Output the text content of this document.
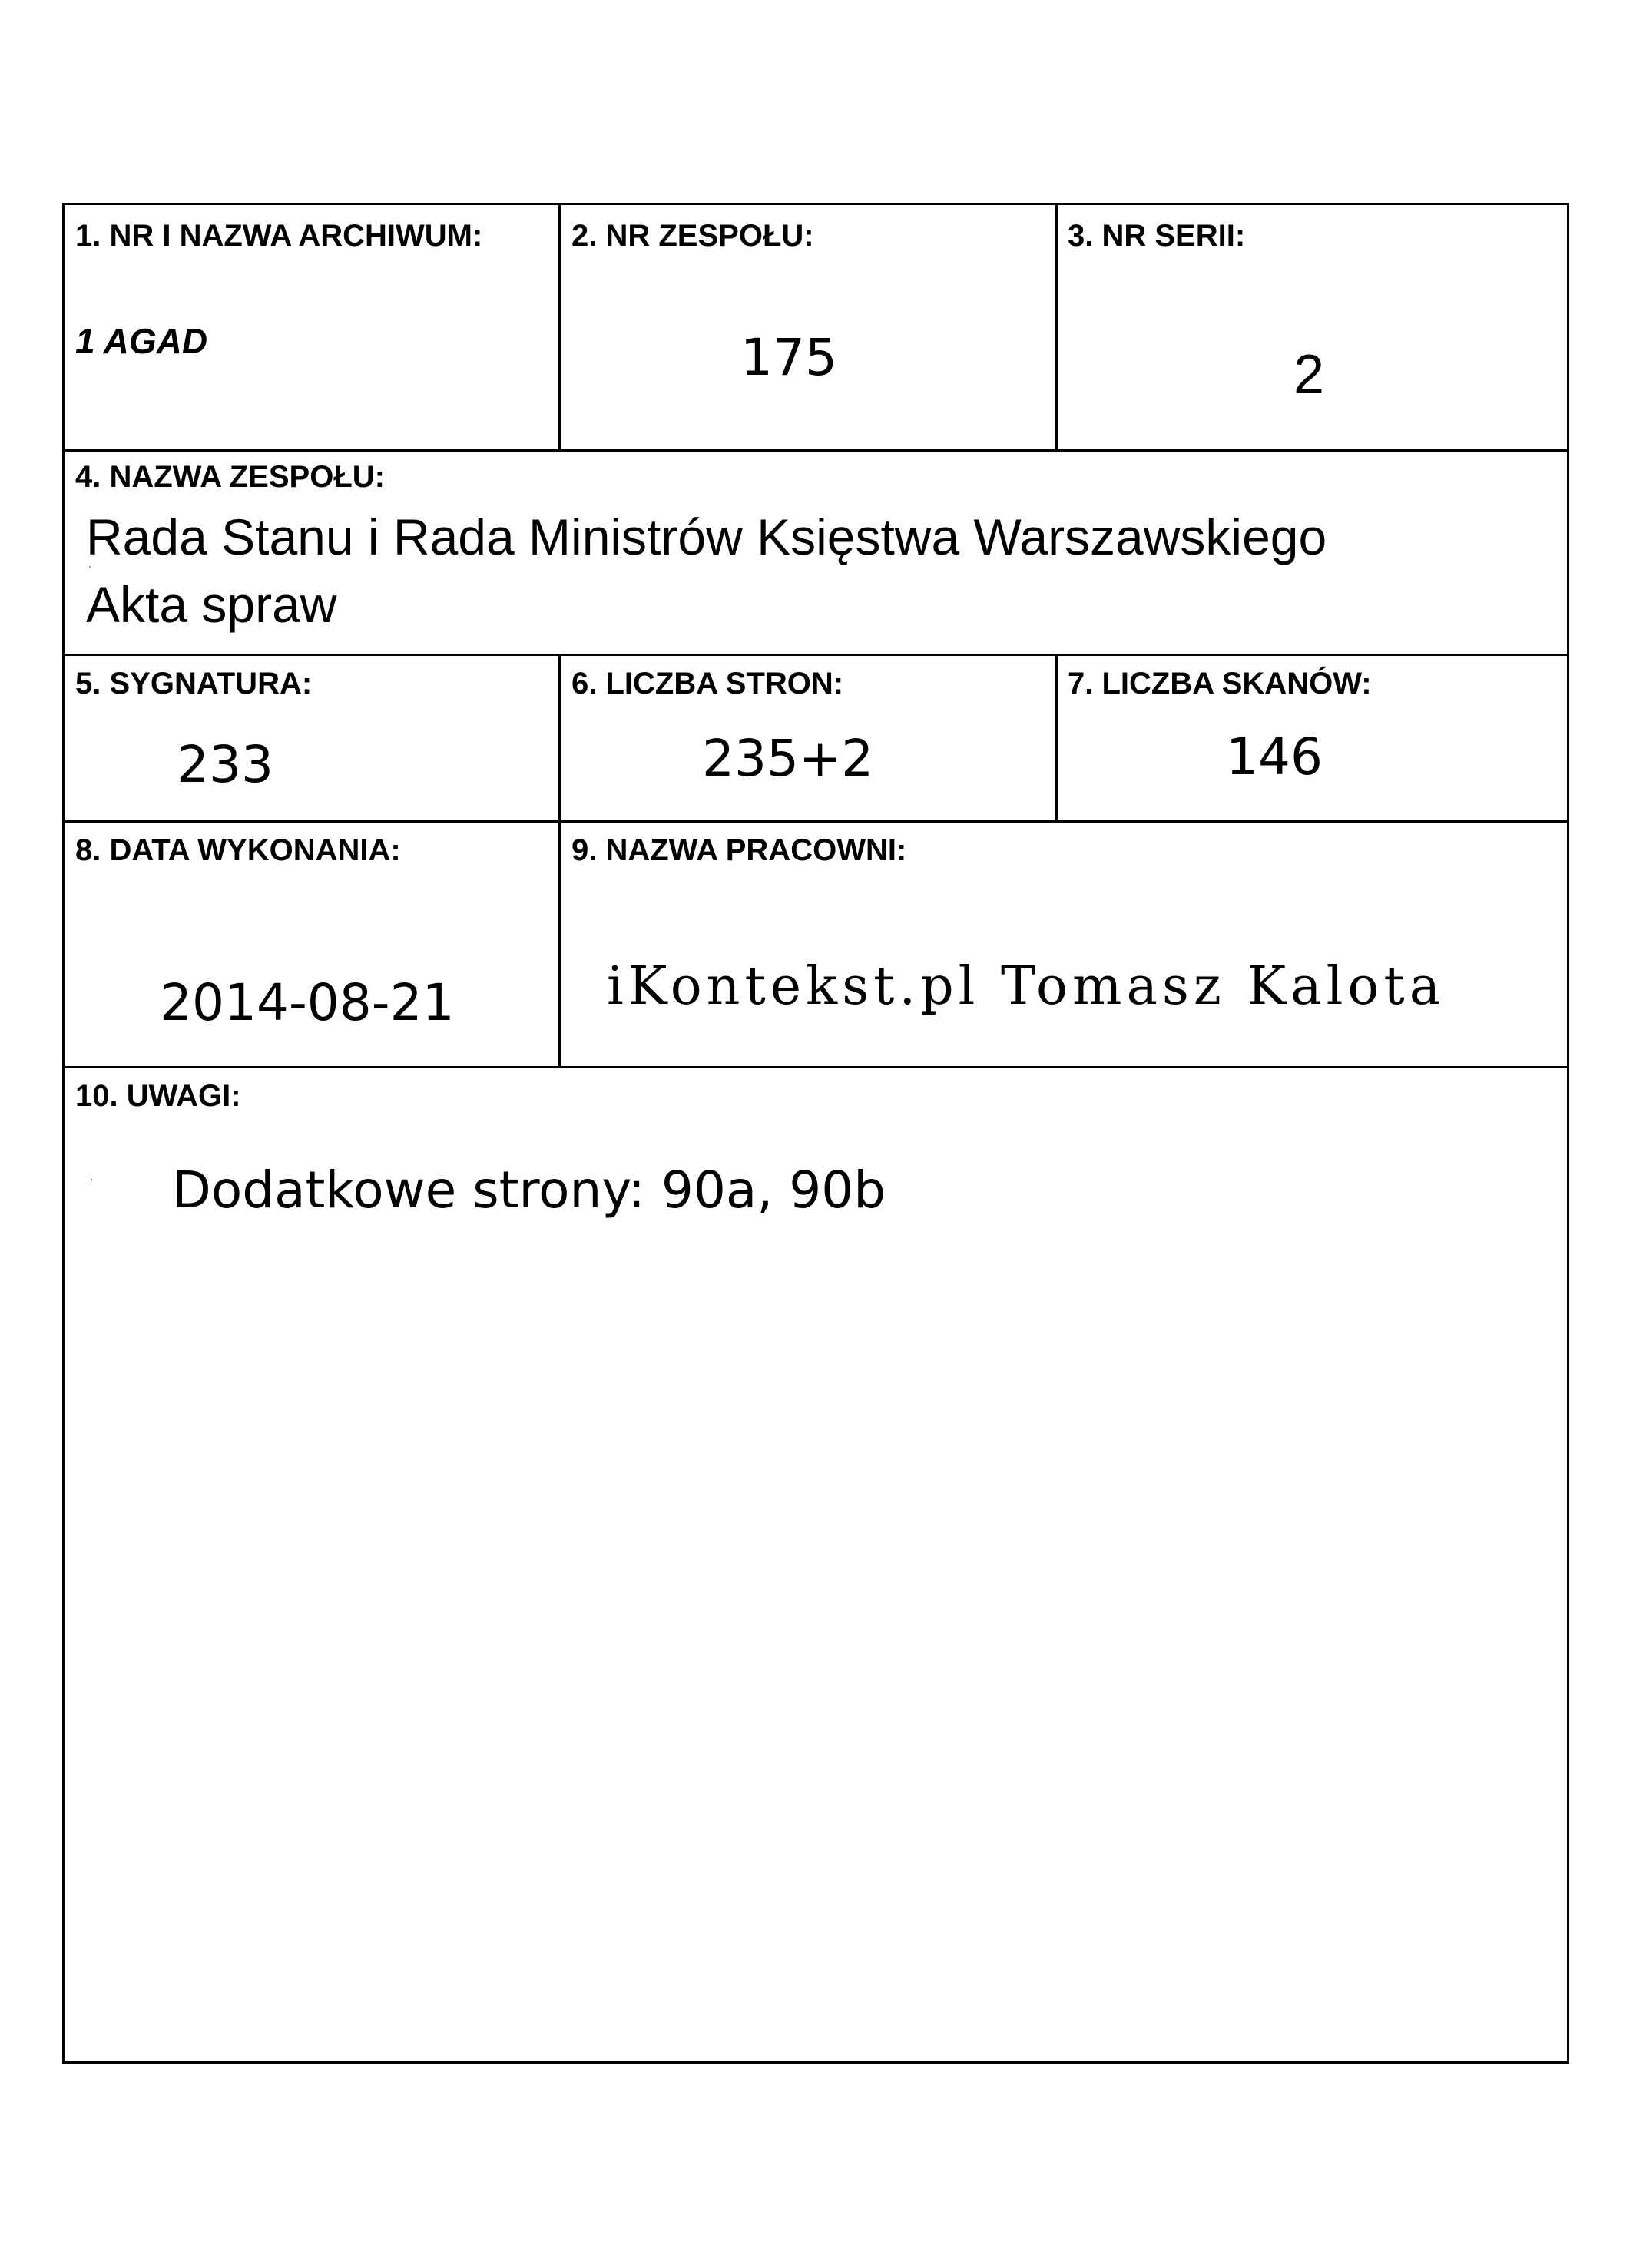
1. NR I NAZWA ARCHIWUM:
1 AGAD
2. NR ZESPOŁU:
175
3. NR SERII:
2
4. NAZWA ZESPOŁU:
Rada Stanu i Rada Ministrów Księstwa Warszawskiego
Akta spraw
5. SYGNATURA:
233
6. LICZBA STRON:
235+2
7. LICZBA SKANÓW:
146
8. DATA WYKONANIA:
2014-08-21
9. NAZWA PRACOWNI:
iKontekst.pl Tomasz Kalota
10. UWAGI:
Dodatkowe strony: 90a, 90b
